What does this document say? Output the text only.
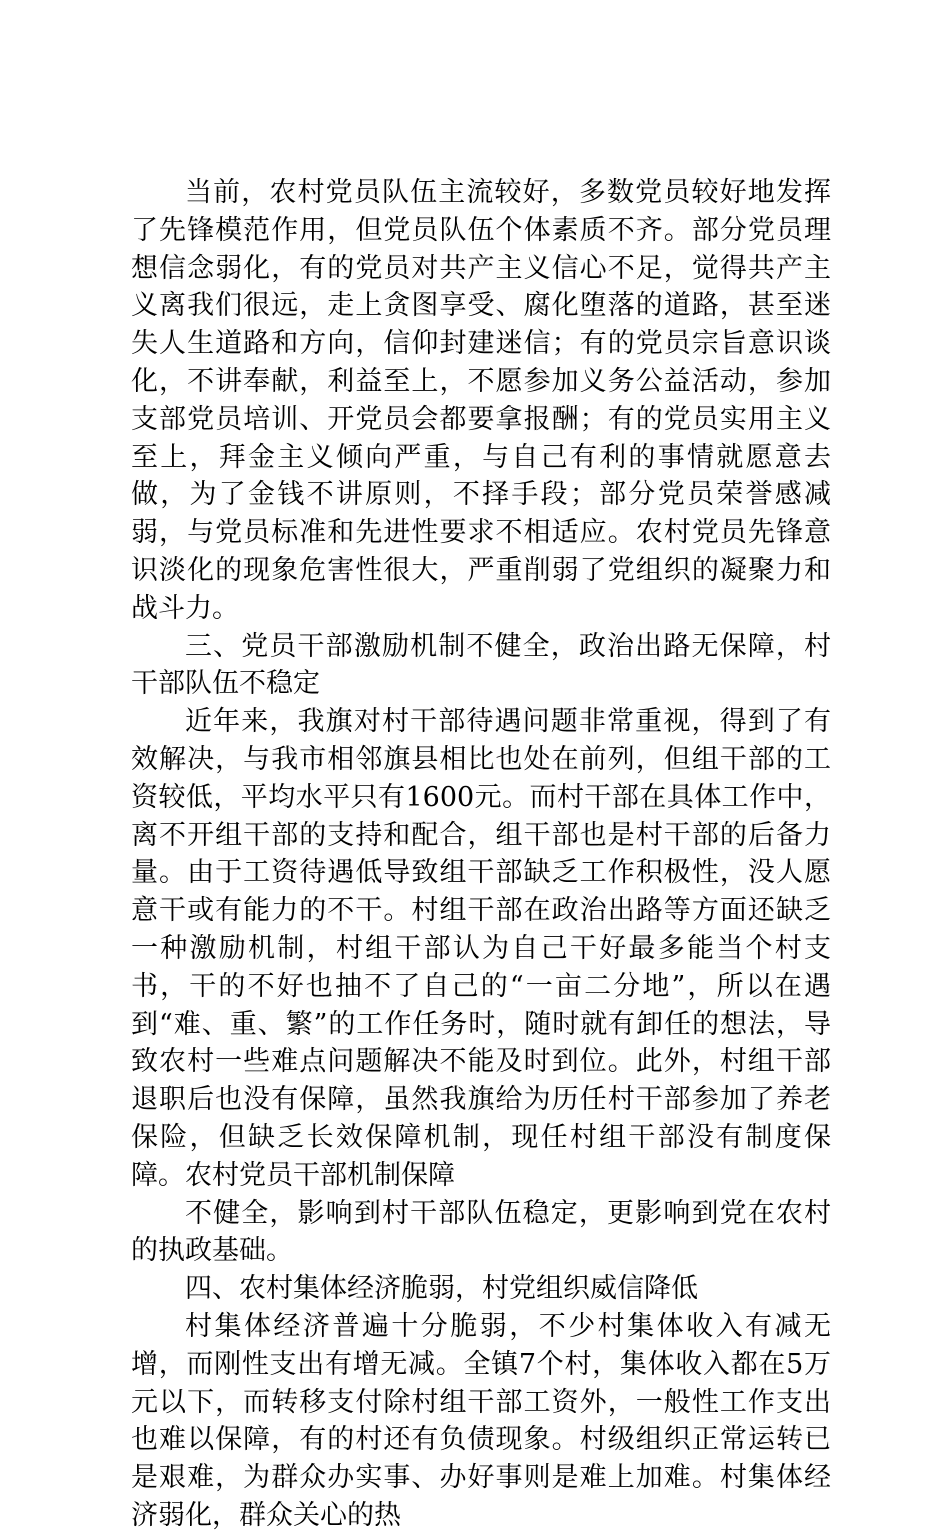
当前，农村党员队伍主流较好，多数党员较好地发挥了先锋模范作用，但党员队伍个体素质不齐。部分党员理想信念弱化，有的党员对共产主义信心不足，觉得共产主义离我们很远，走上贪图享受、腐化堕落的道路，甚至迷失人生道路和方向，信仰封建迷信；有的党员宗旨意识谈化，不讲奉献，利益至上，不愿参加义务公益活动，参加支部党员培训、开党员会都要拿报酬；有的党员实用主义至上，拜金主义倾向严重，与自己有利的事情就愿意去做，为了金钱不讲原则，不择手段；部分党员荣誉感减弱，与党员标准和先进性要求不相适应。农村党员先锋意识淡化的现象危害性很大，严重削弱了党组织的凝聚力和战斗力。

三、党员干部激励机制不健全，政治出路无保障，村干部队伍不稳定

近年来，我旗对村干部待遇问题非常重视，得到了有效解决，与我市相邻旗县相比也处在前列，但组干部的工资较低，平均水平只有1600元。而村干部在具体工作中，离不开组干部的支持和配合，组干部也是村干部的后备力量。由于工资待遇低导致组干部缺乏工作积极性，没人愿意干或有能力的不干。村组干部在政治出路等方面还缺乏一种激励机制，村组干部认为自己干好最多能当个村支书，干的不好也抽不了自己的“一亩二分地”，所以在遇到“难、重、繁”的工作任务时，随时就有卸任的想法，导致农村一些难点问题解决不能及时到位。此外，村组干部退职后也没有保障，虽然我旗给为历任村干部参加了养老保险，但缺乏长效保障机制，现任村组干部没有制度保障。农村党员干部机制保障

不健全，影响到村干部队伍稳定，更影响到党在农村的执政基础。

四、农村集体经济脆弱，村党组织威信降低

村集体经济普遍十分脆弱，不少村集体收入有减无增，而刚性支出有增无减。全镇7个村，集体收入都在5万元以下，而转移支付除村组干部工资外，一般性工作支出也难以保障，有的村还有负债现象。村级组织正常运转已是艰难，为群众办实事、办好事则是难上加难。村集体经济弱化，群众关心的热
